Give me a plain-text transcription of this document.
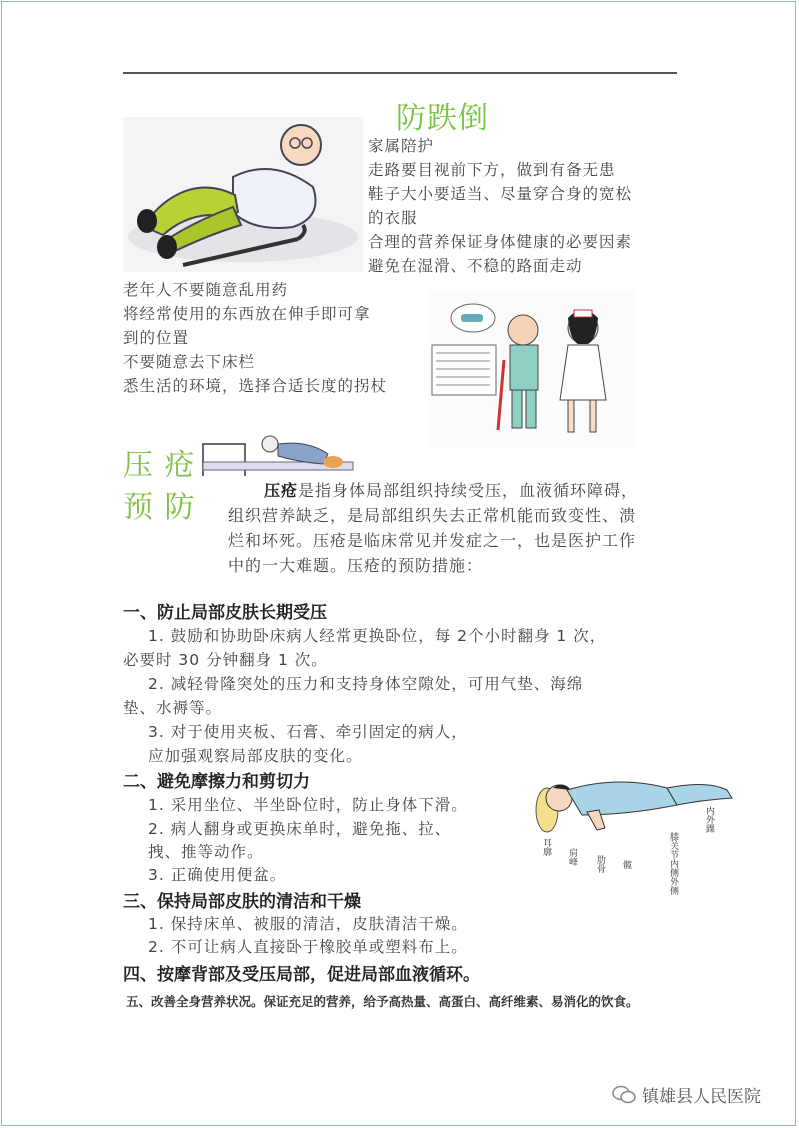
防跌倒
家属陪护
走路要目视前下方，做到有备无患
鞋子大小要适当、尽量穿合身的宽松
的衣服
合理的营养保证身体健康的必要因素
避免在湿滑、不稳的路面走动
老年人不要随意乱用药
将经常使用的东西放在伸手即可拿
到的位置
不要随意去下床栏
悉生活的环境，选择合适长度的拐杖
压 疮
预 防	压疮是指身体局部组织持续受压，血液循环障碍，
组织营养缺乏，是局部组织失去正常机能而致变性、溃
烂和坏死。压疮是临床常见并发症之一，也是医护工作
中的一大难题。压疮的预防措施：
一、防止局部皮肤长期受压
1. 鼓励和协助卧床病人经常更换卧位，每 2个小时翻身 1 次，
必要时 30 分钟翻身 1 次。
2. 减轻骨隆突处的压力和支持身体空隙处，可用气垫、海绵
垫、水褥等。
3. 对于使用夹板、石膏、牵引固定的病人，
应加强观察局部皮肤的变化。
二、避免摩擦力和剪切力
1. 采用坐位、半坐卧位时，防止身体下滑。
2. 病人翻身或更换床单时，避免拖、拉、
拽、推等动作。
3. 正确使用便盆。
耳廓
肩峰 肋骨 髋	膝关节内侧外侧
内外踝
三、保持局部皮肤的清洁和干燥
1. 保持床单、被服的清洁，皮肤清洁干燥。
2. 不可让病人直接卧于橡胶单或塑料布上。
四、按摩背部及受压局部，促进局部血液循环。
五、改善全身营养状况。保证充足的营养，给予高热量、高蛋白、高纤维素、易消化的饮食。
镇雄县人民医院
